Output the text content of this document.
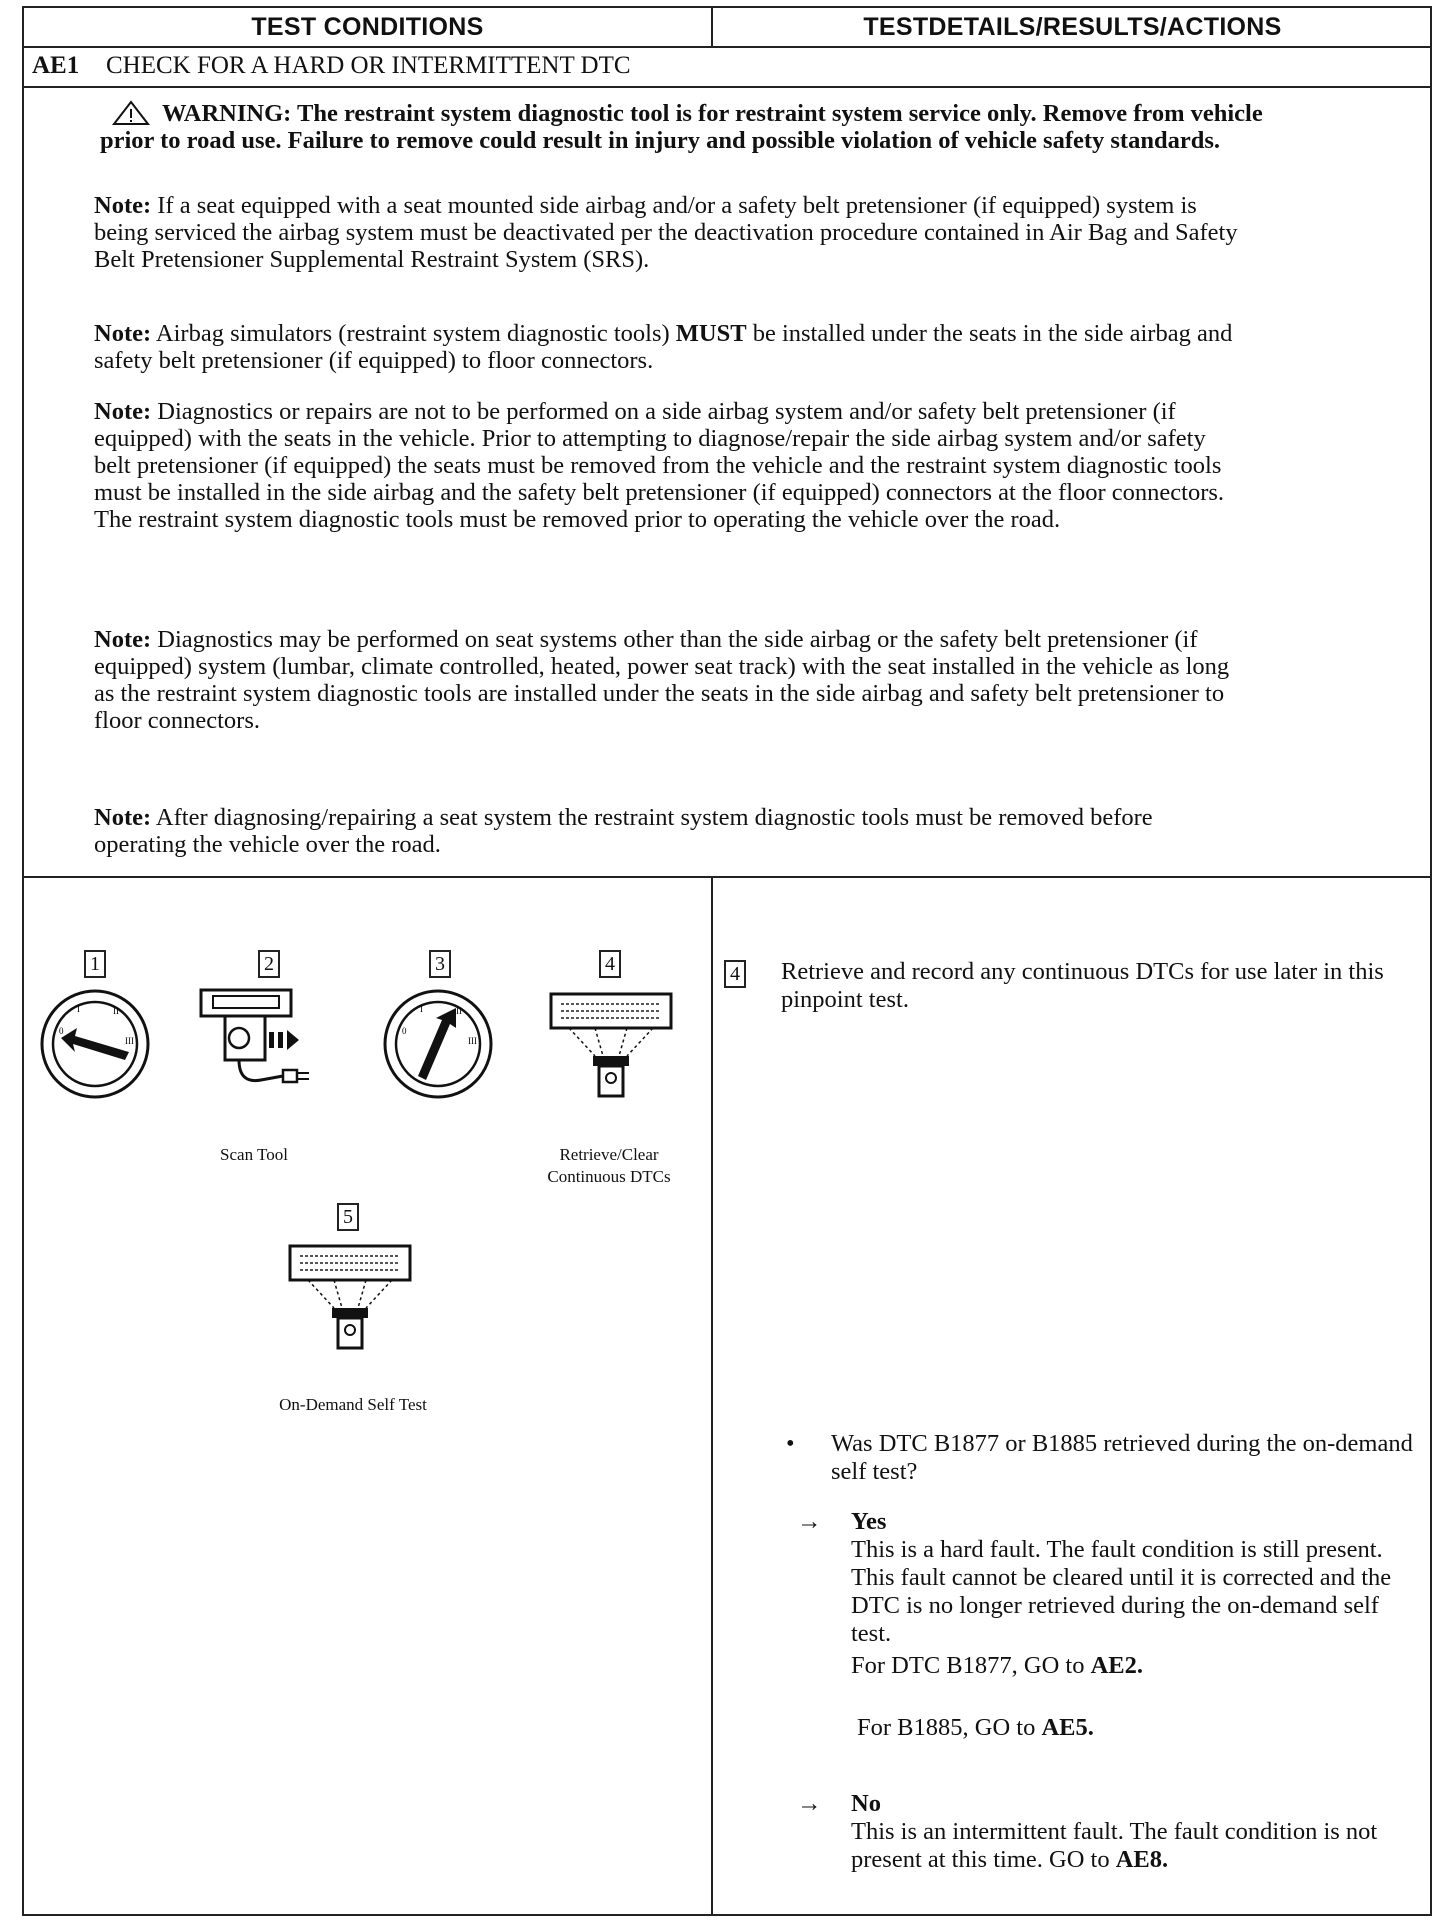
TEST CONDITIONS	TESTDETAILS/RESULTS/ACTIONS
AE1 CHECK FOR A HARD OR INTERMITTENT DTC
WARNING: The restraint system diagnostic tool is for restraint system service only. Remove from vehicle prior to road use. Failure to remove could result in injury and possible violation of vehicle safety standards.
Note: If a seat equipped with a seat mounted side airbag and/or a safety belt pretensioner (if equipped) system is being serviced the airbag system must be deactivated per the deactivation procedure contained in Air Bag and Safety Belt Pretensioner Supplemental Restraint System (SRS).
Note: Airbag simulators (restraint system diagnostic tools) MUST be installed under the seats in the side airbag and safety belt pretensioner (if equipped) to floor connectors.
Note: Diagnostics or repairs are not to be performed on a side airbag system and/or safety belt pretensioner (if equipped) with the seats in the vehicle. Prior to attempting to diagnose/repair the side airbag system and/or safety belt pretensioner (if equipped) the seats must be removed from the vehicle and the restraint system diagnostic tools must be installed in the side airbag and the safety belt pretensioner (if equipped) connectors at the floor connectors. The restraint system diagnostic tools must be removed prior to operating the vehicle over the road.
Note: Diagnostics may be performed on seat systems other than the side airbag or the safety belt pretensioner (if equipped) system (lumbar, climate controlled, heated, power seat track) with the seat installed in the vehicle as long as the restraint system diagnostic tools are installed under the seats in the side airbag and safety belt pretensioner to floor connectors.
Note: After diagnosing/repairing a seat system the restraint system diagnostic tools must be removed before operating the vehicle over the road.
1	2	3	4
0
I	II
III
0
I	II
III
Scan Tool	Retrieve/Clear
Continuous DTCs
5
On-Demand Self Test
4 Retrieve and record any continuous DTCs for use later in this pinpoint test.
• Was DTC B1877 or B1885 retrieved during the on-demand self test?
→ Yes
This is a hard fault. The fault condition is still present. This fault cannot be cleared until it is corrected and the DTC is no longer retrieved during the on-demand self test.
For DTC B1877, GO to AE2.
For B1885, GO to AE5.
→ No
This is an intermittent fault. The fault condition is not present at this time. GO to AE8.
